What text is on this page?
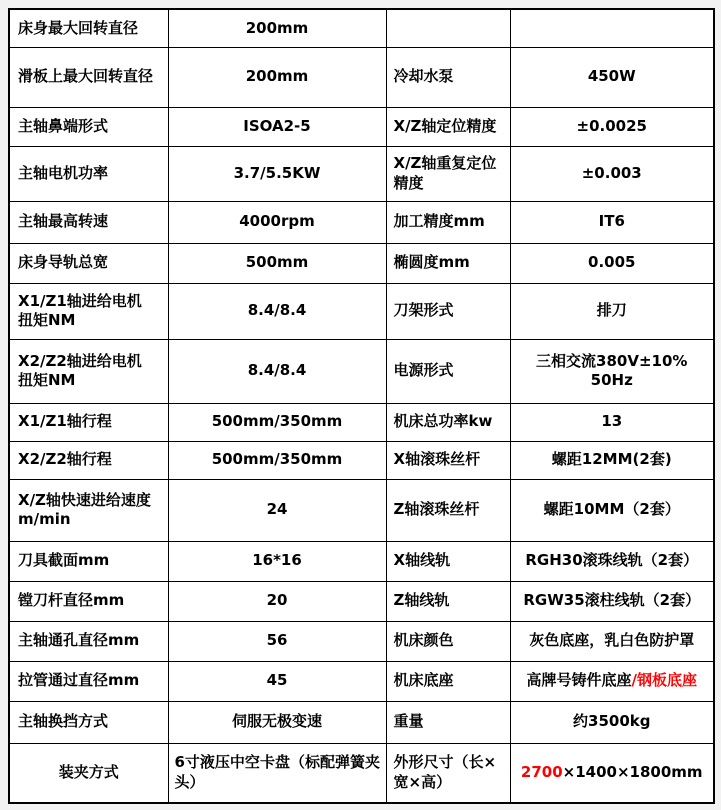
床身最大回转直径	200mm		
滑板上最大回转直径	200mm	冷却水泵	450W
主轴鼻端形式	ISOA2-5	X/Z轴定位精度	±0.0025
主轴电机功率	3.7/5.5KW	X/Z轴重复定位精度	±0.003
主轴最高转速	4000rpm	加工精度mm	IT6
床身导轨总宽	500mm	椭圆度mm	0.005
X1/Z1轴进给电机扭矩NM	8.4/8.4	刀架形式	排刀
X2/Z2轴进给电机扭矩NM	8.4/8.4	电源形式	三相交流380V±10%  50Hz
X1/Z1轴行程	500mm/350mm	机床总功率kw	13
X2/Z2轴行程	500mm/350mm	X轴滚珠丝杆	螺距12MM(2套)
X/Z轴快速进给速度m/min	24	Z轴滚珠丝杆	螺距10MM（2套）
刀具截面mm	16*16	X轴线轨	RGH30滚珠线轨（2套）
镗刀杆直径mm	20	Z轴线轨	RGW35滚柱线轨（2套）
主轴通孔直径mm	56	机床颜色	灰色底座，乳白色防护罩
拉管通过直径mm	45	机床底座	高牌号铸件底座/钢板底座
主轴换挡方式	伺服无极变速	重量	约3500kg
装夹方式	6寸液压中空卡盘（标配弹簧夹头）	外形尺寸（长×宽×高）	2700×1400×1800mm
